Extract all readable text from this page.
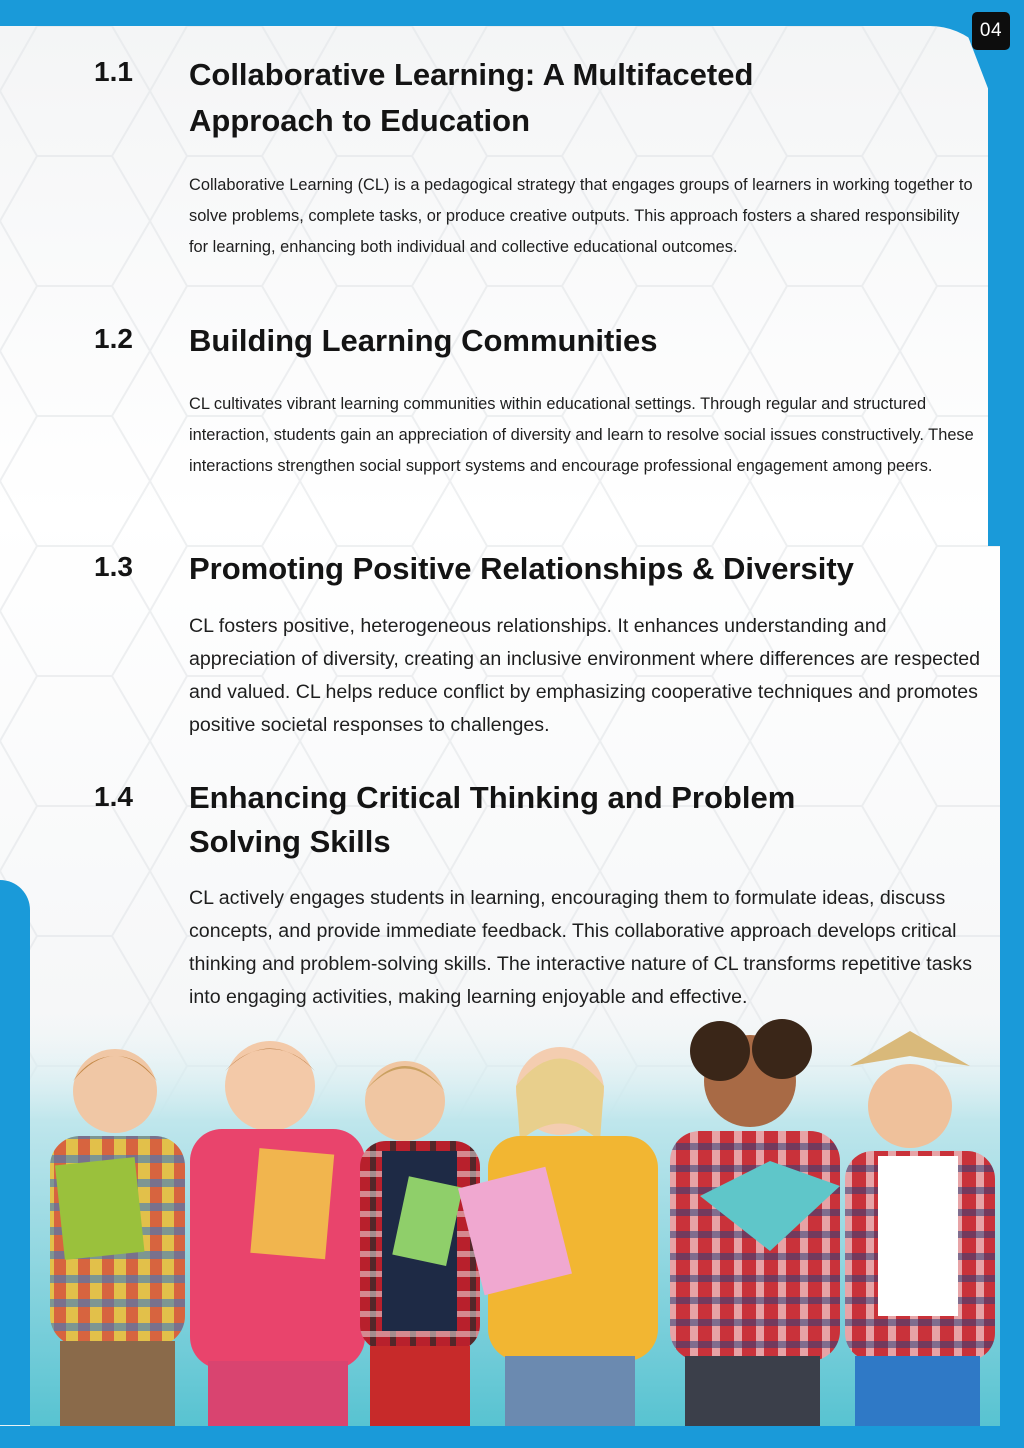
04
1.1 Collaborative Learning: A Multifaceted
Approach to Education
Collaborative Learning (CL) is a pedagogical strategy that engages groups of learners in working together to solve problems, complete tasks, or produce creative outputs. This approach fosters a shared responsibility for learning, enhancing both individual and collective educational outcomes.
1.2 Building Learning Communities
CL cultivates vibrant learning communities within educational settings. Through regular and structured interaction, students gain an appreciation of diversity and learn to resolve social issues constructively. These interactions strengthen social support systems and encourage professional engagement among peers.
1.3 Promoting Positive Relationships & Diversity
CL fosters positive, heterogeneous relationships. It enhances understanding and appreciation of diversity, creating an inclusive environment where differences are respected and valued. CL helps reduce conflict by emphasizing cooperative techniques and promotes positive societal responses to challenges.
1.4 Enhancing Critical Thinking and Problem
Solving Skills
CL actively engages students in learning, encouraging them to formulate ideas, discuss concepts, and provide immediate feedback. This collaborative approach develops critical thinking and problem-solving skills. The interactive nature of CL transforms repetitive tasks into engaging activities, making learning enjoyable and effective.
